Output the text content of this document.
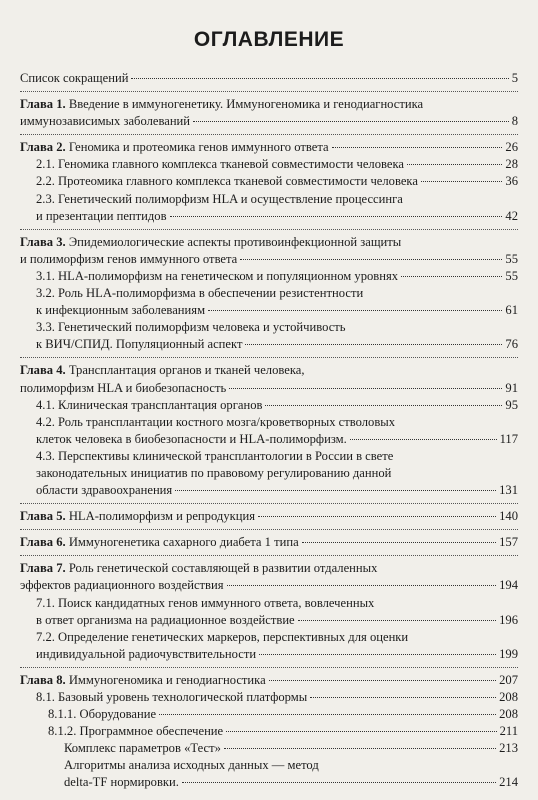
ОГЛАВЛЕНИЕ
Список сокращений	5
Глава 1. Введение в иммуногенетику. Иммуногеномика и генодиагностика
иммунозависимых заболеваний	8
Глава 2. Геномика и протеомика генов иммунного ответа	26
2.1. Геномика главного комплекса тканевой совместимости человека	28
2.2. Протеомика главного комплекса тканевой совместимости человека	36
2.3. Генетический полиморфизм HLA и осуществление процессинга
и презентации пептидов	42
Глава 3. Эпидемиологические аспекты противоинфекционной защиты
и полиморфизм генов иммунного ответа	55
3.1. HLA-полиморфизм на генетическом и популяционном уровнях	55
3.2. Роль HLA-полиморфизма в обеспечении резистентности
к инфекционным заболеваниям	61
3.3. Генетический полиморфизм человека и устойчивость
к ВИЧ/СПИД. Популяционный аспект	76
Глава 4. Трансплантация органов и тканей человека,
полиморфизм HLA и биобезопасность	91
4.1. Клиническая трансплантация органов	95
4.2. Роль трансплантации костного мозга/кроветворных стволовых
клеток человека в биобезопасности и HLA-полиморфизм.	117
4.3. Перспективы клинической трансплантологии в России в свете
законодательных инициатив по правовому регулированию данной
области здравоохранения	131
Глава 5. HLA-полиморфизм и репродукция	140
Глава 6. Иммуногенетика сахарного диабета 1 типа	157
Глава 7. Роль генетической составляющей в развитии отдаленных
эффектов радиационного воздействия	194
7.1. Поиск кандидатных генов иммунного ответа, вовлеченных
в ответ организма на радиационное воздействие	196
7.2. Определение генетических маркеров, перспективных для оценки
индивидуальной радиочувствительности	199
Глава 8. Иммуногеномика и генодиагностика	207
8.1. Базовый уровень технологической платформы	208
8.1.1. Оборудование	208
8.1.2. Программное обеспечение	211
Комплекс параметров «Тест»	213
Алгоритмы анализа исходных данных — метод
delta-TF нормировки.	214
